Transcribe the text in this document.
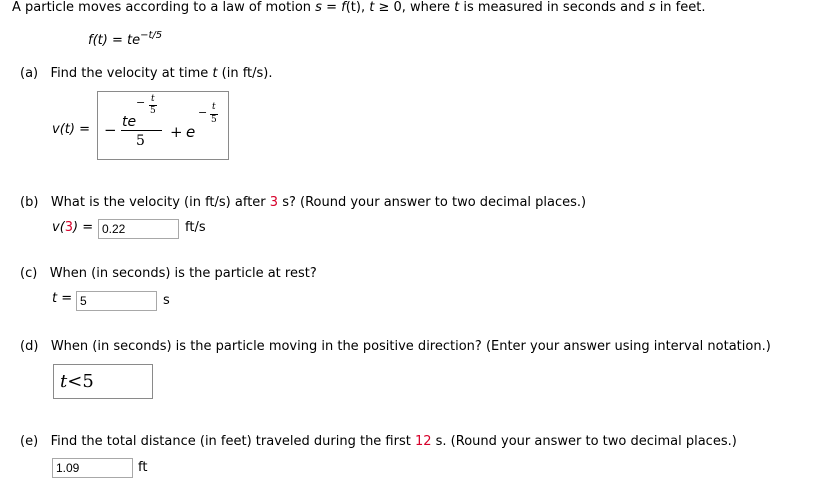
A particle moves according to a law of motion s = f(t), t ≥ 0, where t is measured in seconds and s in feet.
$f(t) = te^{-t/5}$
(a) Find the velocity at time t (in ft/s).
v(t) = − te
− t
5
5 + e
− t
5
(b) What is the velocity (in ft/s) after 3 s? (Round your answer to two decimal places.)
v(3) = 0.22	ft/s
(c) When (in seconds) is the particle at rest?
t = 5	s
(d) When (in seconds) is the particle moving in the positive direction? (Enter your answer using interval notation.)
t<5
(e) Find the total distance (in feet) traveled during the first 12 s. (Round your answer to two decimal places.)
1.09	ft
